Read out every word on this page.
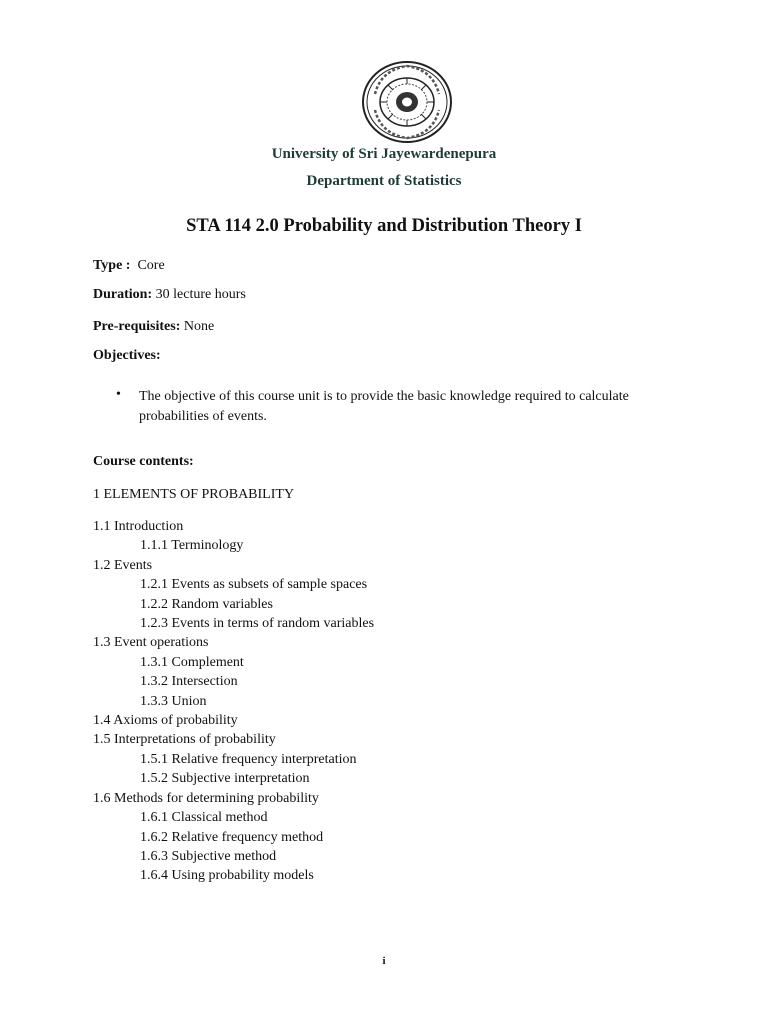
University of Sri Jayewardenepura
Department of Statistics
STA 114 2.0 Probability and Distribution Theory I
Type : Core
Duration: 30 lecture hours
Pre-requisites: None
Objectives:
• The objective of this course unit is to provide the basic knowledge required to calculate probabilities of events.
Course contents:
1 ELEMENTS OF PROBABILITY
1.1 Introduction
1.1.1 Terminology
1.2 Events
1.2.1 Events as subsets of sample spaces
1.2.2 Random variables
1.2.3 Events in terms of random variables
1.3 Event operations
1.3.1 Complement
1.3.2 Intersection
1.3.3 Union
1.4 Axioms of probability
1.5 Interpretations of probability
1.5.1 Relative frequency interpretation
1.5.2 Subjective interpretation
1.6 Methods for determining probability
1.6.1 Classical method
1.6.2 Relative frequency method
1.6.3 Subjective method
1.6.4 Using probability models
i
